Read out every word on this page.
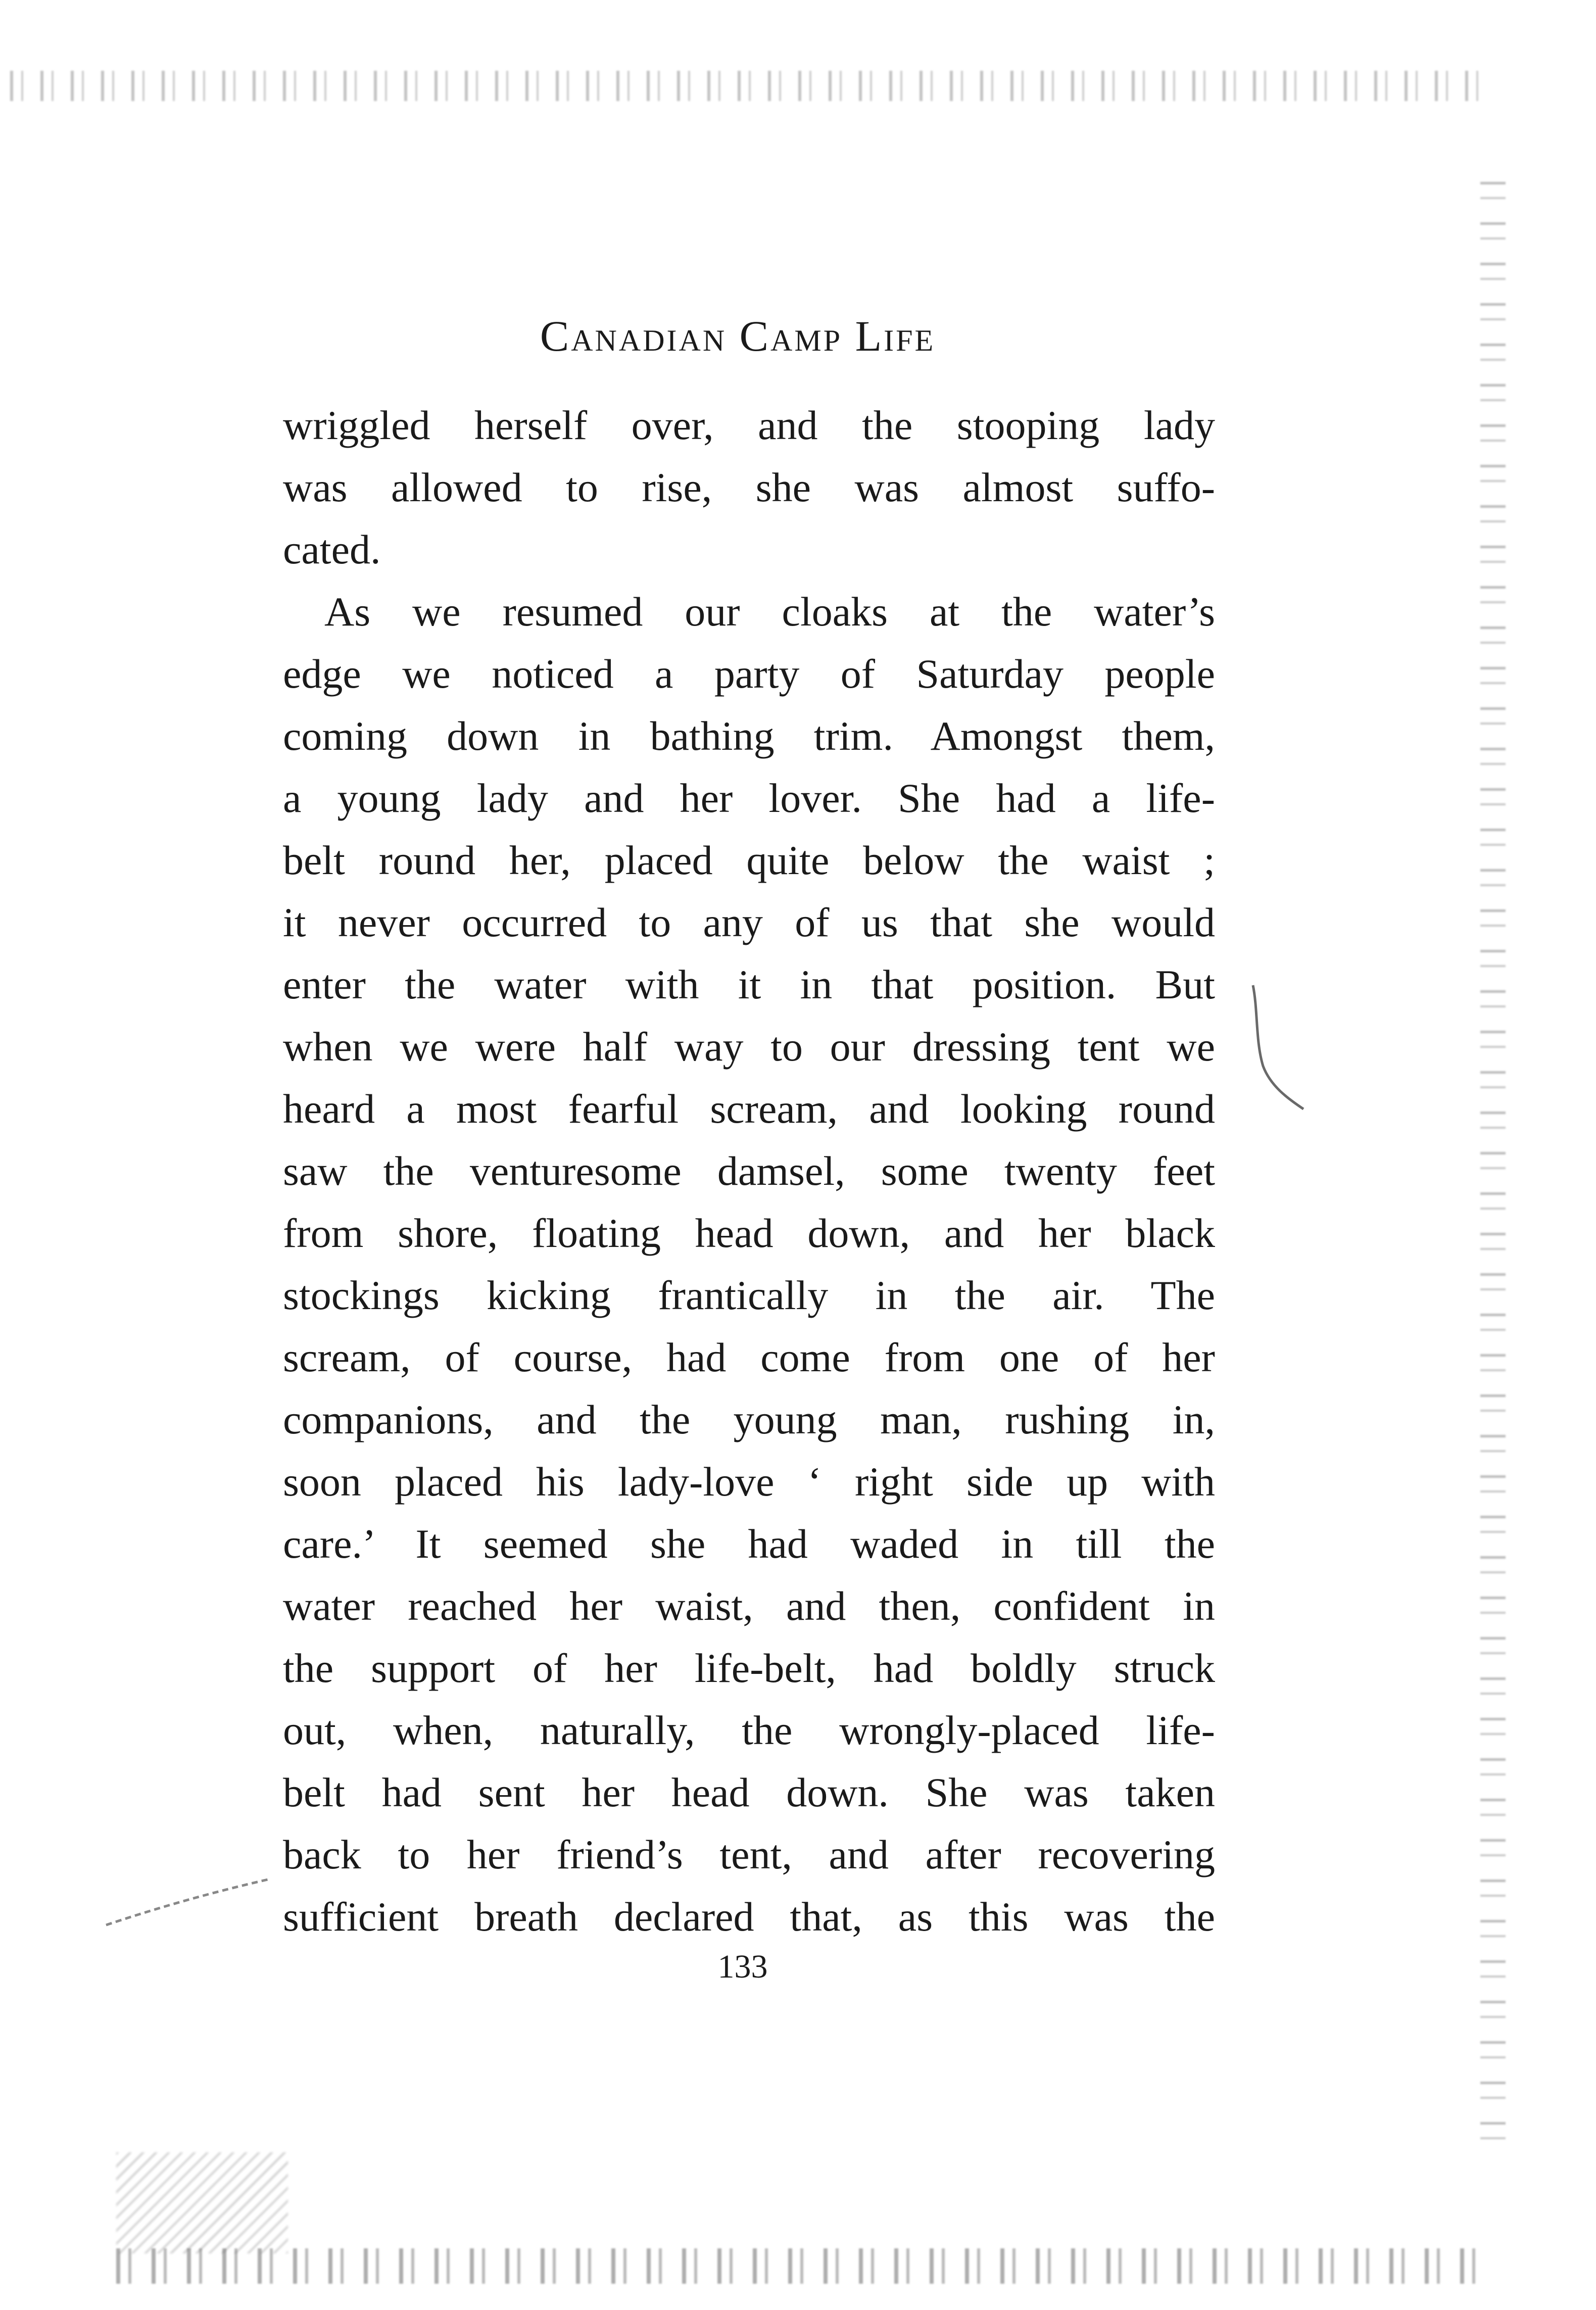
Canadian Camp Life
wriggled herself over, and the stooping lady
was allowed to rise, she was almost suffo-
cated.
As we resumed our cloaks at the water’s
edge we noticed a party of Saturday people
coming down in bathing trim. Amongst them,
a young lady and her lover. She had a life-
belt round her, placed quite below the waist ;
it never occurred to any of us that she would
enter the water with it in that position. But
when we were half way to our dressing tent we
heard a most fearful scream, and looking round
saw the venturesome damsel, some twenty feet
from shore, floating head down, and her black
stockings kicking frantically in the air. The
scream, of course, had come from one of her
companions, and the young man, rushing in,
soon placed his lady-love ‘ right side up with
care.’ It seemed she had waded in till the
water reached her waist, and then, confident in
the support of her life-belt, had boldly struck
out, when, naturally, the wrongly-placed life-
belt had sent her head down. She was taken
back to her friend’s tent, and after recovering
sufficient breath declared that, as this was the
133
